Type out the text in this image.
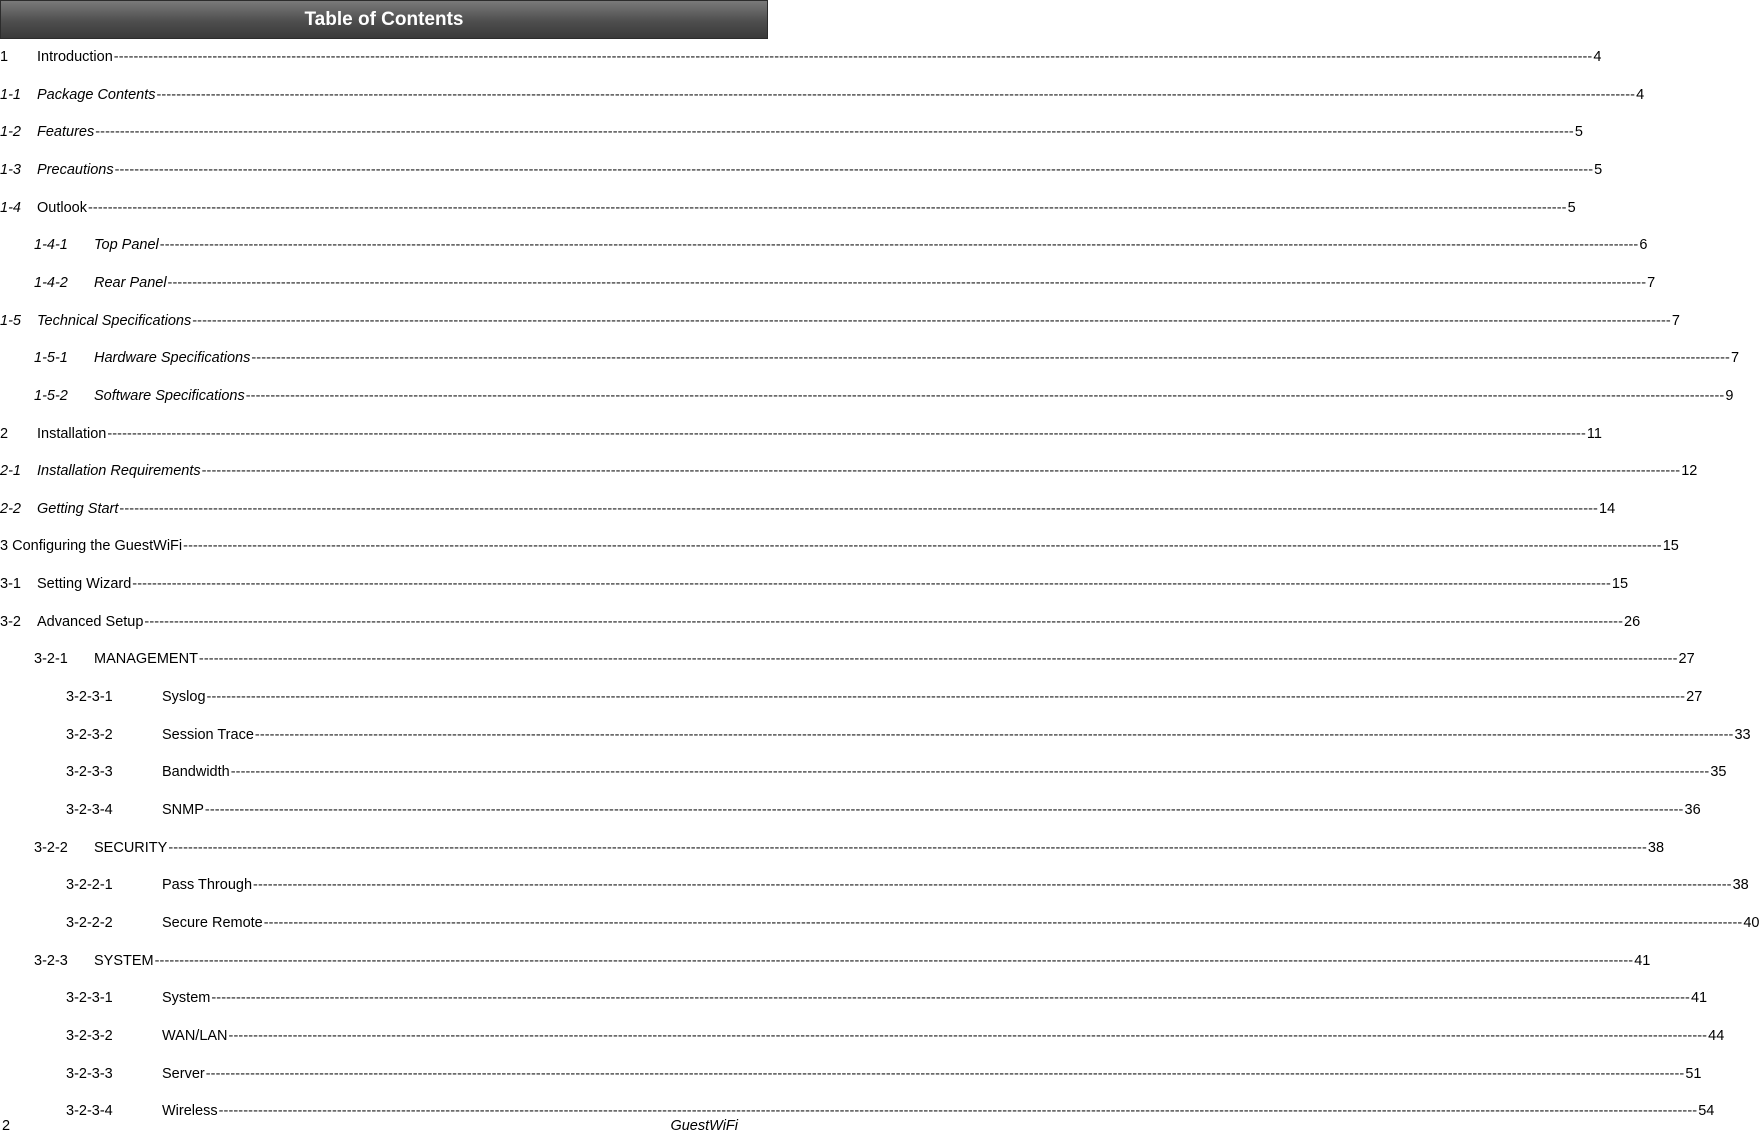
Table of Contents
1	Introduction ------------------------------------------------------------------------------------------------------------------------------------------------------------------------------------------------------------------------------------------------------------------------------------------------------------ 4
1-1	Package Contents ------------------------------------------------------------------------------------------------------------------------------------------------------------------------------------------------------------------------------------------------------------------------------------------------------------ 4
1-2	Features ------------------------------------------------------------------------------------------------------------------------------------------------------------------------------------------------------------------------------------------------------------------------------------------------------------ 5
1-3	Precautions ------------------------------------------------------------------------------------------------------------------------------------------------------------------------------------------------------------------------------------------------------------------------------------------------------------ 5
1-4	Outlook ------------------------------------------------------------------------------------------------------------------------------------------------------------------------------------------------------------------------------------------------------------------------------------------------------------ 5
1-4-1	Top Panel ------------------------------------------------------------------------------------------------------------------------------------------------------------------------------------------------------------------------------------------------------------------------------------------------------------ 6
1-4-2	Rear Panel ------------------------------------------------------------------------------------------------------------------------------------------------------------------------------------------------------------------------------------------------------------------------------------------------------------ 7
1-5	Technical Specifications ------------------------------------------------------------------------------------------------------------------------------------------------------------------------------------------------------------------------------------------------------------------------------------------------------------ 7
1-5-1	Hardware Specifications ------------------------------------------------------------------------------------------------------------------------------------------------------------------------------------------------------------------------------------------------------------------------------------------------------------ 7
1-5-2	Software Specifications ------------------------------------------------------------------------------------------------------------------------------------------------------------------------------------------------------------------------------------------------------------------------------------------------------------ 9
2	Installation ------------------------------------------------------------------------------------------------------------------------------------------------------------------------------------------------------------------------------------------------------------------------------------------------------------ 11
2-1	Installation Requirements ------------------------------------------------------------------------------------------------------------------------------------------------------------------------------------------------------------------------------------------------------------------------------------------------------------ 12
2-2	Getting Start ------------------------------------------------------------------------------------------------------------------------------------------------------------------------------------------------------------------------------------------------------------------------------------------------------------ 14
3 Configuring the GuestWiFi ------------------------------------------------------------------------------------------------------------------------------------------------------------------------------------------------------------------------------------------------------------------------------------------------------------ 15
3-1	Setting Wizard ------------------------------------------------------------------------------------------------------------------------------------------------------------------------------------------------------------------------------------------------------------------------------------------------------------ 15
3-2	Advanced Setup ------------------------------------------------------------------------------------------------------------------------------------------------------------------------------------------------------------------------------------------------------------------------------------------------------------ 26
3-2-1	MANAGEMENT ------------------------------------------------------------------------------------------------------------------------------------------------------------------------------------------------------------------------------------------------------------------------------------------------------------ 27
3-2-3-1	Syslog ------------------------------------------------------------------------------------------------------------------------------------------------------------------------------------------------------------------------------------------------------------------------------------------------------------ 27
3-2-3-2	Session Trace ------------------------------------------------------------------------------------------------------------------------------------------------------------------------------------------------------------------------------------------------------------------------------------------------------------ 33
3-2-3-3	Bandwidth ------------------------------------------------------------------------------------------------------------------------------------------------------------------------------------------------------------------------------------------------------------------------------------------------------------ 35
3-2-3-4	SNMP ------------------------------------------------------------------------------------------------------------------------------------------------------------------------------------------------------------------------------------------------------------------------------------------------------------ 36
3-2-2	SECURITY ------------------------------------------------------------------------------------------------------------------------------------------------------------------------------------------------------------------------------------------------------------------------------------------------------------ 38
3-2-2-1	Pass Through ------------------------------------------------------------------------------------------------------------------------------------------------------------------------------------------------------------------------------------------------------------------------------------------------------------ 38
3-2-2-2	Secure Remote ------------------------------------------------------------------------------------------------------------------------------------------------------------------------------------------------------------------------------------------------------------------------------------------------------------ 40
3-2-3	SYSTEM ------------------------------------------------------------------------------------------------------------------------------------------------------------------------------------------------------------------------------------------------------------------------------------------------------------ 41
3-2-3-1	System ------------------------------------------------------------------------------------------------------------------------------------------------------------------------------------------------------------------------------------------------------------------------------------------------------------ 41
3-2-3-2	WAN/LAN ------------------------------------------------------------------------------------------------------------------------------------------------------------------------------------------------------------------------------------------------------------------------------------------------------------ 44
3-2-3-3	Server ------------------------------------------------------------------------------------------------------------------------------------------------------------------------------------------------------------------------------------------------------------------------------------------------------------ 51
3-2-3-4	Wireless ------------------------------------------------------------------------------------------------------------------------------------------------------------------------------------------------------------------------------------------------------------------------------------------------------------ 54
2	GuestWiFi
